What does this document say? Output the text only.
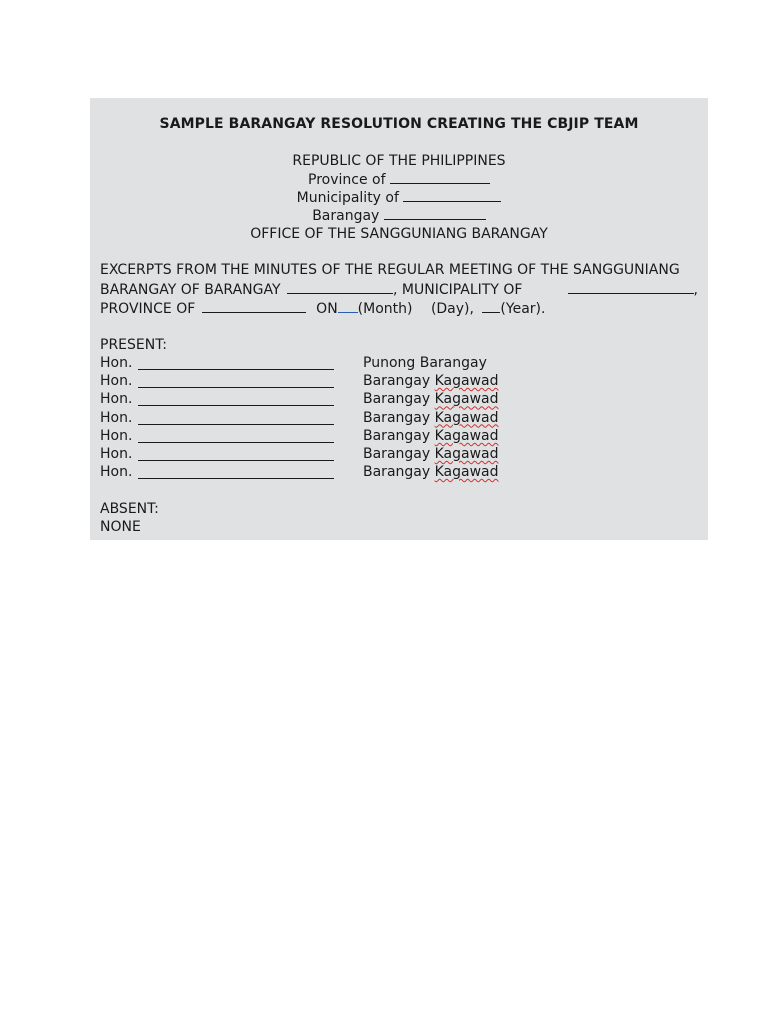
SAMPLE BARANGAY RESOLUTION CREATING THE CBJIP TEAM
REPUBLIC OF THE PHILIPPINES
Province of
Municipality of
Barangay
OFFICE OF THE SANGGUNIANG BARANGAY
EXCERPTS FROM THE MINUTES OF THE REGULAR MEETING OF THE SANGGUNIANG
BARANGAY OF BARANGAY	, MUNICIPALITY OF	,
PROVINCE OF	ON (Month) (Day), (Year).
PRESENT:
Hon.	Punong Barangay
Hon.	Barangay Kagawad
Hon.	Barangay Kagawad
Hon.	Barangay Kagawad
Hon.	Barangay Kagawad
Hon.	Barangay Kagawad
Hon.	Barangay Kagawad
ABSENT:
NONE
